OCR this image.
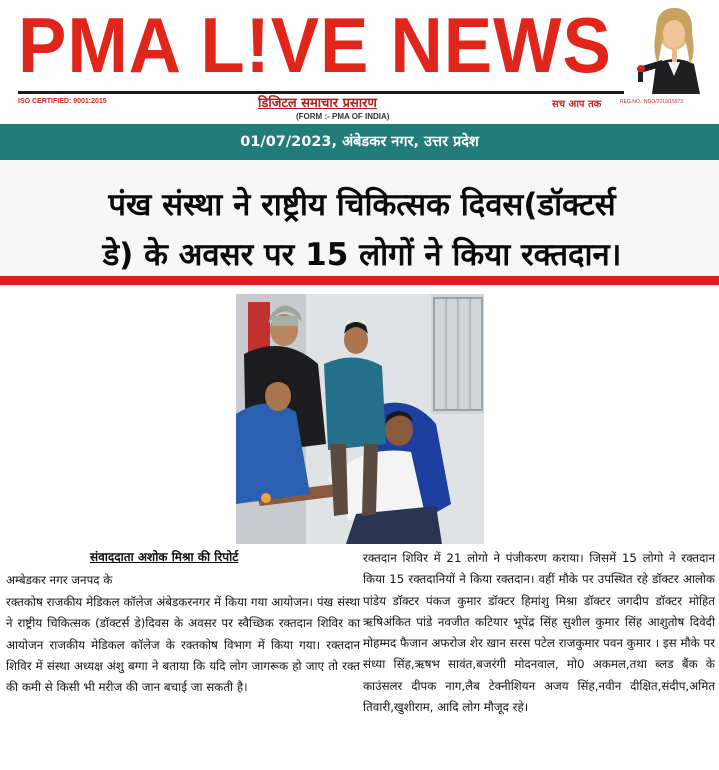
PMA L!VE NEWS
ISO CERTIFIED: 9001:2015	डिजिटल समाचार प्रसारण
(FORM :- PMA OF INDIA)
सच आप तक	REG.NO.: NGO/2019/15973
01/07/2023, अंबेडकर नगर, उत्तर प्रदेश
पंख संस्था ने राष्ट्रीय चिकित्सक दिवस(डॉक्टर्स
डे) के अवसर पर 15 लोगों ने किया रक्तदान।
संवाददाता अशोक मिश्रा की रिपोर्ट

अम्बेडकर नगर जनपद के

रक्तकोष राजकीय मेडिकल कॉलेज अंबेडकरनगर में किया गया आयोजन। पंख संस्था ने राष्ट्रीय चिकित्सक (डॉक्टर्स डे)दिवस के अवसर पर स्वैच्छिक रक्तदान शिविर का आयोजन राजकीय मेडिकल कॉलेज के रक्तकोष विभाग में किया गया। रक्तदान शिविर में संस्था अध्यक्ष अंशु बग्गा ने बताया कि यदि लोग जागरूक हो जाए तो रक्त की कमी से किसी भी मरीज की जान बचाई जा सकती है।

रक्तदान शिविर में 21 लोगो ने पंजीकरण कराया। जिसमें 15 लोगो ने रक्तदान किया 15 रक्तदानियों ने किया रक्तदान। वहीं मौके पर उपस्थित रहे डॉक्टर आलोक पांडेय डॉक्टर पंकज कुमार डॉक्टर हिमांशु मिश्रा डॉक्टर जगदीप डॉक्टर मोहित ऋषिअंकित पांडे नवजीत कटियार भूपेंद्र सिंह सुशील कुमार सिंह आशुतोष दिवेदी मोहम्मद फैजान अफरोज शेर खान सरस पटेल राजकुमार पवन कुमार । इस मौके पर संध्या सिंह,ऋषभ सावंत,बजरंगी मोदनवाल, मो0 अकमल,तथा ब्लड बैंक के काउंसलर दीपक नाग,लैब टेक्नीशियन अजय सिंह,नवीन दीक्षित,संदीप,अमित तिवारी,खुशीराम, आदि लोग मौजूद रहे।
